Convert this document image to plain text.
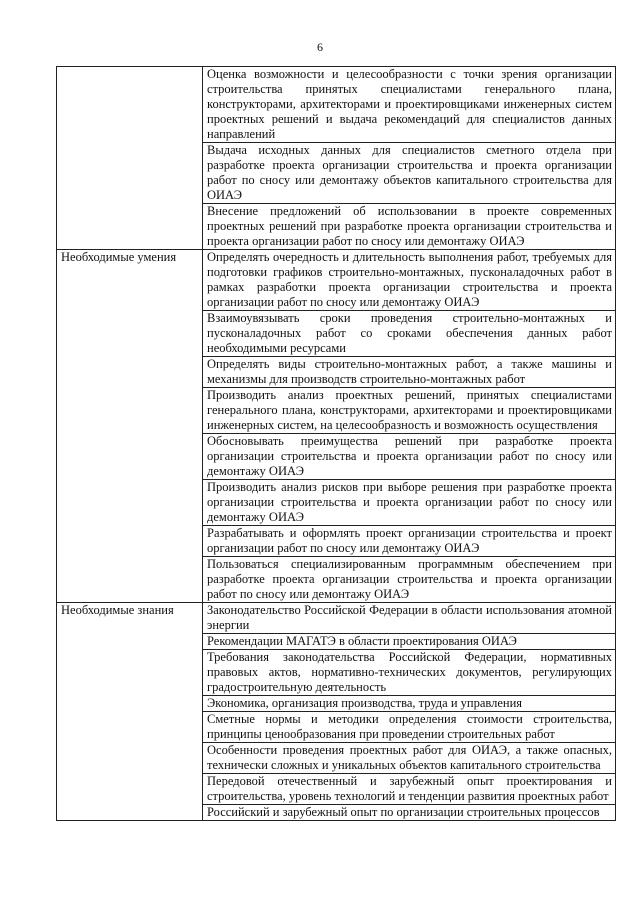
6
	Оценка возможности и целесообразности с точки зрения организации строительства принятых специалистами генерального плана, конструкторами, архитекторами и проектировщиками инженерных систем проектных решений и выдача рекомендаций для специалистов данных направлений
	Выдача исходных данных для специалистов сметного отдела при разработке проекта организации строительства и проекта организации работ по сносу или демонтажу объектов капитального строительства для ОИАЭ
	Внесение предложений об использовании в проекте современных проектных решений при разработке проекта организации строительства и проекта организации работ по сносу или демонтажу ОИАЭ
Необходимые умения	Определять очередность и длительность выполнения работ, требуемых для подготовки графиков строительно-монтажных, пусконаладочных работ в рамках разработки проекта организации строительства и проекта организации работ по сносу или демонтажу ОИАЭ
	Взаимоувязывать сроки проведения строительно-монтажных и пусконаладочных работ со сроками обеспечения данных работ необходимыми ресурсами
	Определять виды строительно-монтажных работ, а также машины и механизмы для производств строительно-монтажных работ
	Производить анализ проектных решений, принятых специалистами генерального плана, конструкторами, архитекторами и проектировщиками инженерных систем, на целесообразность и возможность осуществления
	Обосновывать преимущества решений при разработке проекта организации строительства и проекта организации работ по сносу или демонтажу ОИАЭ
	Производить анализ рисков при выборе решения при разработке проекта организации строительства и проекта организации работ по сносу или демонтажу ОИАЭ
	Разрабатывать и оформлять проект организации строительства и проект организации работ по сносу или демонтажу ОИАЭ
	Пользоваться специализированным программным обеспечением при разработке проекта организации строительства и проекта организации работ по сносу или демонтажу ОИАЭ
Необходимые знания	Законодательство Российской Федерации в области использования атомной энергии
	Рекомендации МАГАТЭ в области проектирования ОИАЭ
	Требования законодательства Российской Федерации, нормативных правовых актов, нормативно-технических документов, регулирующих градостроительную деятельность
	Экономика, организация производства, труда и управления
	Сметные нормы и методики определения стоимости строительства, принципы ценообразования при проведении строительных работ
	Особенности проведения проектных работ для ОИАЭ, а также опасных, технически сложных и уникальных объектов капитального строительства
	Передовой отечественный и зарубежный опыт проектирования и строительства, уровень технологий и тенденции развития проектных работ
	Российский и зарубежный опыт по организации строительных процессов
